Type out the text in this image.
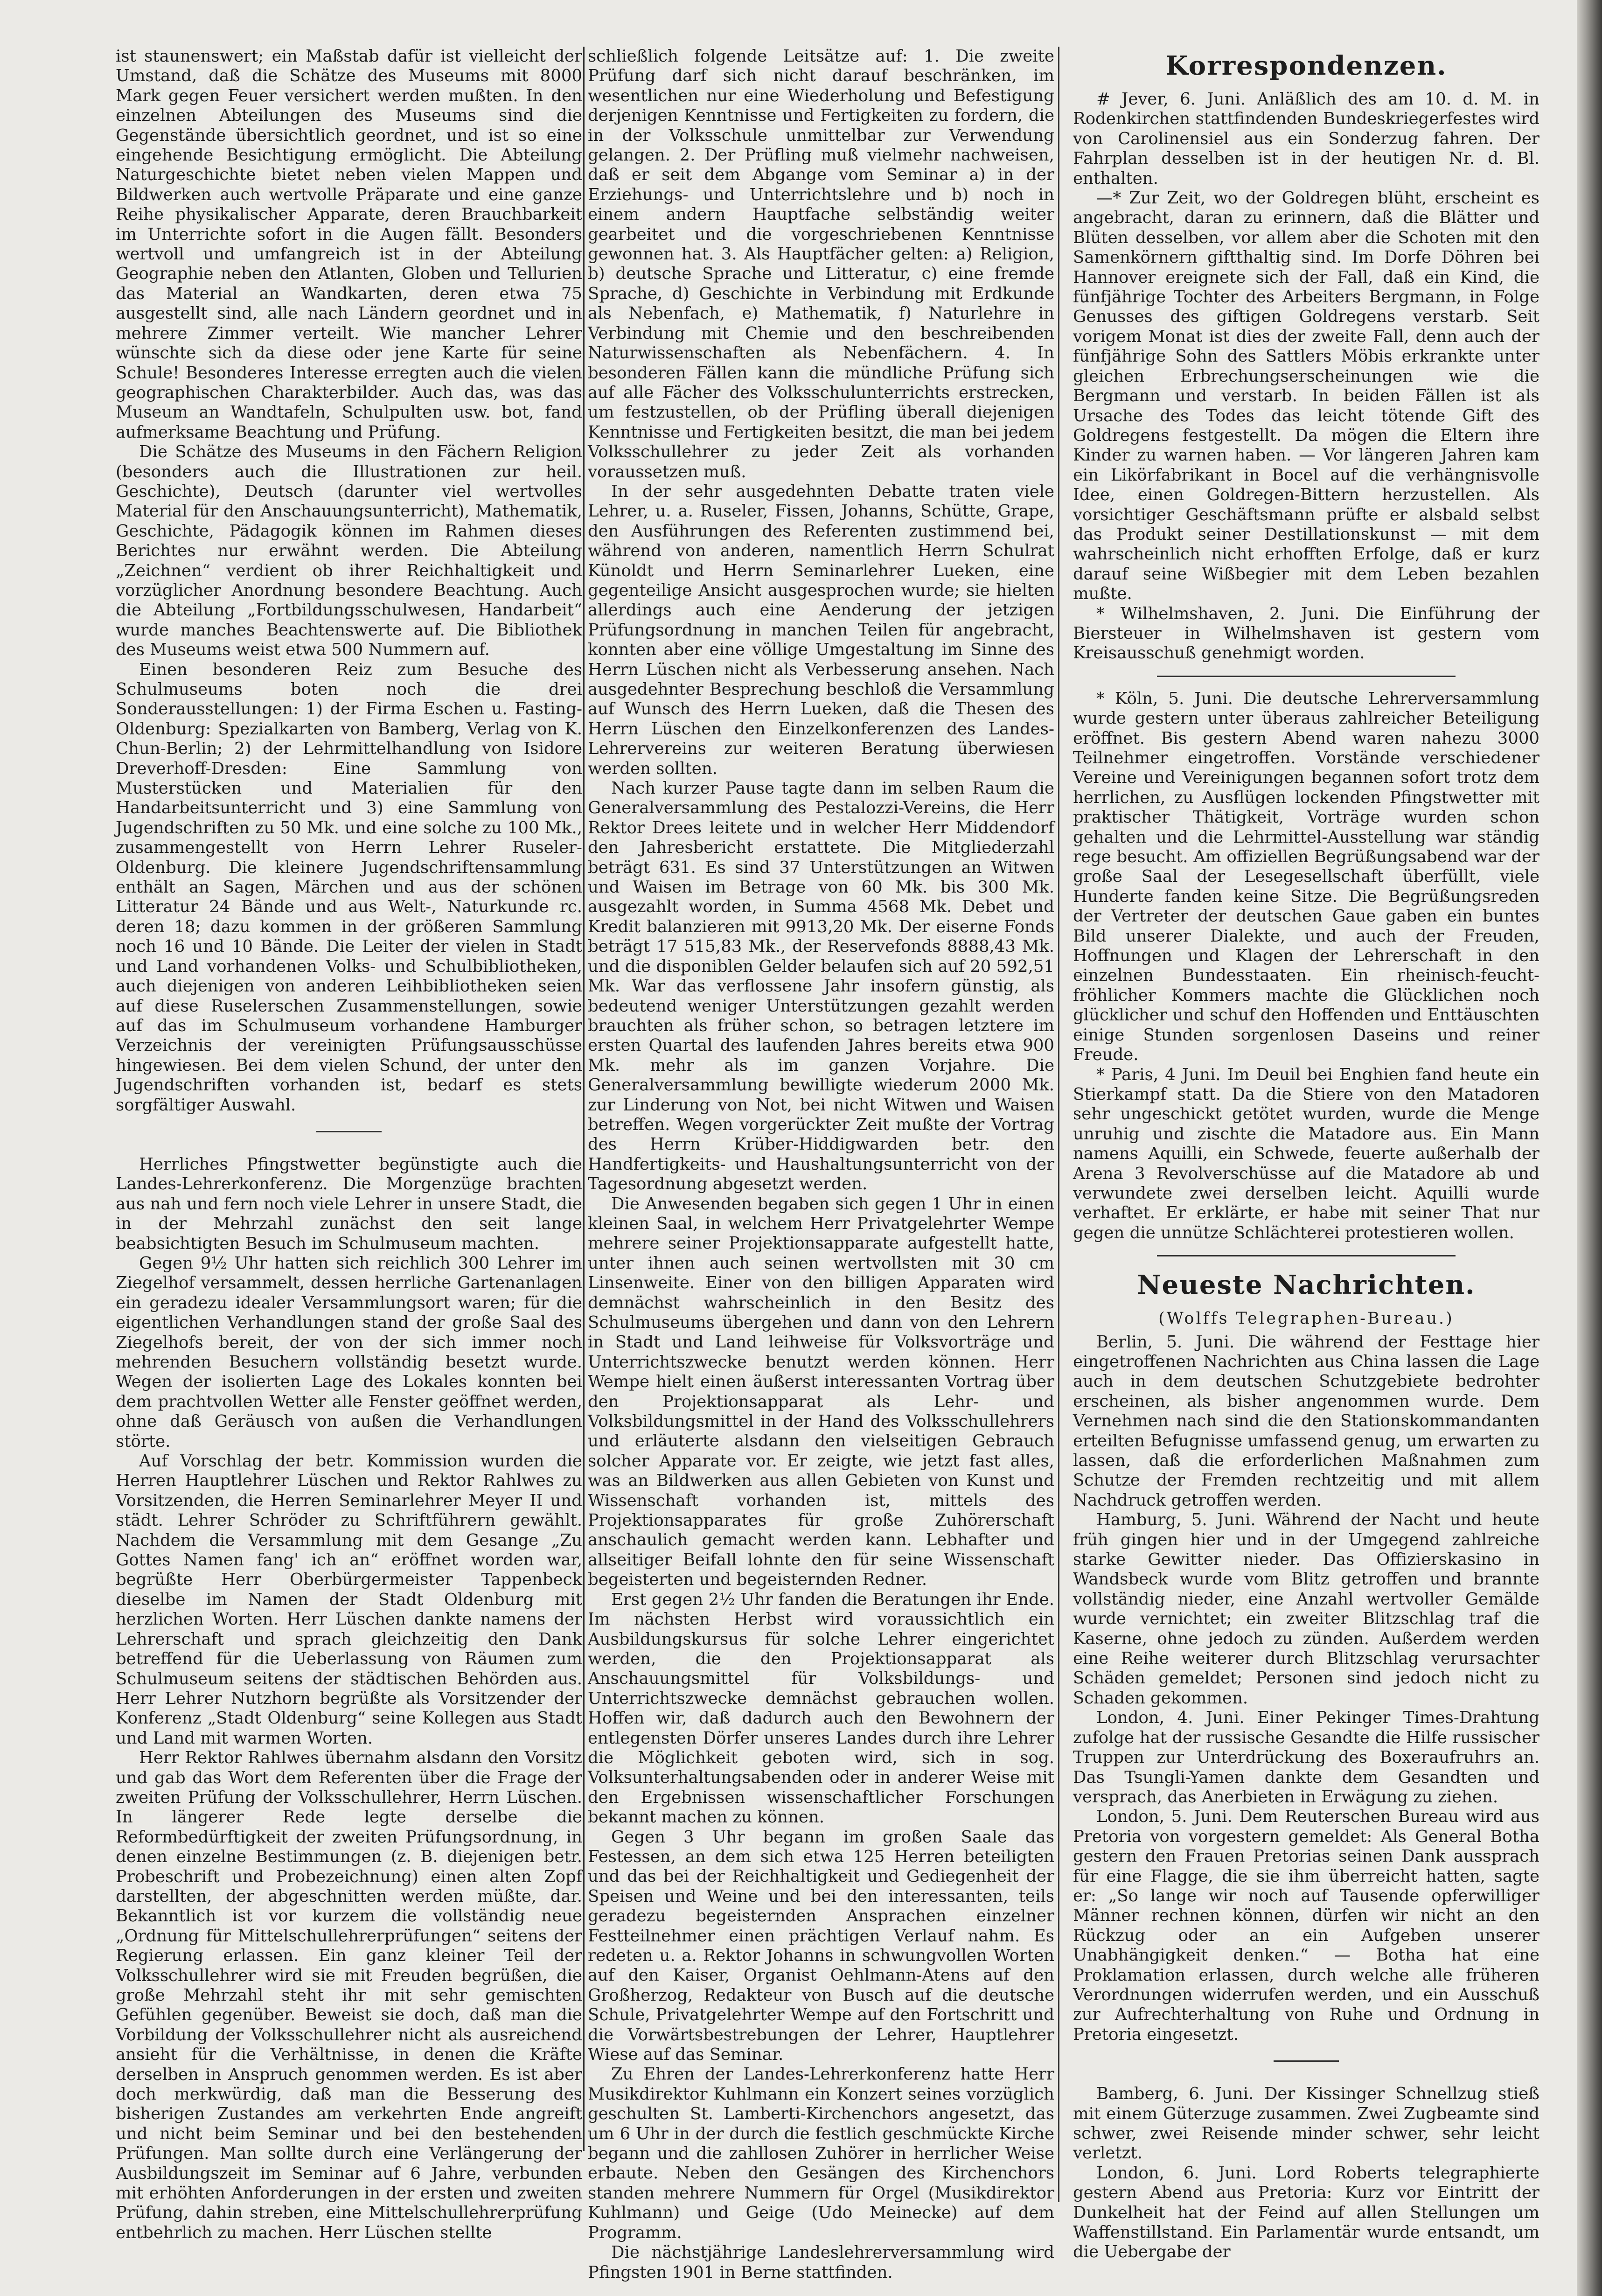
ist staunenswert; ein Maßstab dafür ist vielleicht der Umstand, daß die Schätze des Museums mit 8000 Mark gegen Feuer versichert werden mußten. In den einzelnen Abteilungen des Museums sind die Gegenstände übersichtlich geordnet, und ist so eine eingehende Besichtigung ermöglicht. Die Abteilung Naturgeschichte bietet neben vielen Mappen und Bildwerken auch wertvolle Präparate und eine ganze Reihe physikalischer Apparate, deren Brauchbarkeit im Unterrichte sofort in die Augen fällt. Besonders wertvoll und umfangreich ist in der Abteilung Geographie neben den Atlanten, Globen und Tellurien das Material an Wandkarten, deren etwa 75 ausgestellt sind, alle nach Ländern geordnet und in mehrere Zimmer verteilt. Wie mancher Lehrer wünschte sich da diese oder jene Karte für seine Schule! Besonderes Interesse erregten auch die vielen geographischen Charakterbilder. Auch das, was das Museum an Wandtafeln, Schulpulten usw. bot, fand aufmerksame Beachtung und Prüfung.

Die Schätze des Museums in den Fächern Religion (besonders auch die Illustrationen zur heil. Geschichte), Deutsch (darunter viel wertvolles Material für den Anschauungsunterricht), Mathematik, Geschichte, Pädagogik können im Rahmen dieses Berichtes nur erwähnt werden. Die Abteilung „Zeichnen“ verdient ob ihrer Reichhaltigkeit und vorzüglicher Anordnung besondere Beachtung. Auch die Abteilung „Fortbildungsschulwesen, Handarbeit“ wurde manches Beachtenswerte auf. Die Bibliothek des Museums weist etwa 500 Nummern auf.

Einen besonderen Reiz zum Besuche des Schulmuseums boten noch die drei Sonderausstellungen: 1) der Firma Eschen u. Fasting-Oldenburg: Spezialkarten von Bamberg, Verlag von K. Chun-Berlin; 2) der Lehrmittelhandlung von Isidore Dreverhoff-Dresden: Eine Sammlung von Musterstücken und Materialien für den Handarbeitsunterricht und 3) eine Sammlung von Jugendschriften zu 50 Mk. und eine solche zu 100 Mk., zusammengestellt von Herrn Lehrer Ruseler-Oldenburg. Die kleinere Jugendschriftensammlung enthält an Sagen, Märchen und aus der schönen Litteratur 24 Bände und aus Welt-, Naturkunde rc. deren 18; dazu kommen in der größeren Sammlung noch 16 und 10 Bände. Die Leiter der vielen in Stadt und Land vorhandenen Volks- und Schulbibliotheken, auch diejenigen von anderen Leihbibliotheken seien auf diese Ruselerschen Zusammenstellungen, sowie auf das im Schulmuseum vorhandene Hamburger Verzeichnis der vereinigten Prüfungsausschüsse hingewiesen. Bei dem vielen Schund, der unter den Jugendschriften vorhanden ist, bedarf es stets sorgfältiger Auswahl.

Herrliches Pfingstwetter begünstigte auch die Landes-Lehrerkonferenz. Die Morgenzüge brachten aus nah und fern noch viele Lehrer in unsere Stadt, die in der Mehrzahl zunächst den seit lange beabsichtigten Besuch im Schulmuseum machten.

Gegen 9½ Uhr hatten sich reichlich 300 Lehrer im Ziegelhof versammelt, dessen herrliche Gartenanlagen ein geradezu idealer Versammlungsort waren; für die eigentlichen Verhandlungen stand der große Saal des Ziegelhofs bereit, der von der sich immer noch mehrenden Besuchern vollständig besetzt wurde. Wegen der isolierten Lage des Lokales konnten bei dem prachtvollen Wetter alle Fenster geöffnet werden, ohne daß Geräusch von außen die Verhandlungen störte.

Auf Vorschlag der betr. Kommission wurden die Herren Hauptlehrer Lüschen und Rektor Rahlwes zu Vorsitzenden, die Herren Seminarlehrer Meyer II und städt. Lehrer Schröder zu Schriftführern gewählt. Nachdem die Versammlung mit dem Gesange „Zu Gottes Namen fang' ich an“ eröffnet worden war, begrüßte Herr Oberbürgermeister Tappenbeck dieselbe im Namen der Stadt Oldenburg mit herzlichen Worten. Herr Lüschen dankte namens der Lehrerschaft und sprach gleichzeitig den Dank betreffend für die Ueberlassung von Räumen zum Schulmuseum seitens der städtischen Behörden aus. Herr Lehrer Nutzhorn begrüßte als Vorsitzender der Konferenz „Stadt Oldenburg“ seine Kollegen aus Stadt und Land mit warmen Worten.

Herr Rektor Rahlwes übernahm alsdann den Vorsitz und gab das Wort dem Referenten über die Frage der zweiten Prüfung der Volksschullehrer, Herrn Lüschen. In längerer Rede legte derselbe die Reformbedürftigkeit der zweiten Prüfungsordnung, in denen einzelne Bestimmungen (z. B. diejenigen betr. Probeschrift und Probezeichnung) einen alten Zopf darstellten, der abgeschnitten werden müßte, dar. Bekanntlich ist vor kurzem die vollständig neue „Ordnung für Mittelschullehrerprüfungen“ seitens der Regierung erlassen. Ein ganz kleiner Teil der Volksschullehrer wird sie mit Freuden begrüßen, die große Mehrzahl steht ihr mit sehr gemischten Gefühlen gegenüber. Beweist sie doch, daß man die Vorbildung der Volksschullehrer nicht als ausreichend ansieht für die Verhältnisse, in denen die Kräfte derselben in Anspruch genommen werden. Es ist aber doch merkwürdig, daß man die Besserung des bisherigen Zustandes am verkehrten Ende angreift und nicht beim Seminar und bei den bestehenden Prüfungen. Man sollte durch eine Verlängerung der Ausbildungszeit im Seminar auf 6 Jahre, verbunden mit erhöhten Anforderungen in der ersten und zweiten Prüfung, dahin streben, eine Mittelschullehrerprüfung entbehrlich zu machen. Herr Lüschen stellte

schließlich folgende Leitsätze auf: 1. Die zweite Prüfung darf sich nicht darauf beschränken, im wesentlichen nur eine Wiederholung und Befestigung derjenigen Kenntnisse und Fertigkeiten zu fordern, die in der Volksschule unmittelbar zur Verwendung gelangen. 2. Der Prüfling muß vielmehr nachweisen, daß er seit dem Abgange vom Seminar a) in der Erziehungs- und Unterrichtslehre und b) noch in einem andern Hauptfache selbständig weiter gearbeitet und die vorgeschriebenen Kenntnisse gewonnen hat. 3. Als Hauptfächer gelten: a) Religion, b) deutsche Sprache und Litteratur, c) eine fremde Sprache, d) Geschichte in Verbindung mit Erdkunde als Nebenfach, e) Mathematik, f) Naturlehre in Verbindung mit Chemie und den beschreibenden Naturwissenschaften als Nebenfächern. 4. In besonderen Fällen kann die mündliche Prüfung sich auf alle Fächer des Volksschulunterrichts erstrecken, um festzustellen, ob der Prüfling überall diejenigen Kenntnisse und Fertigkeiten besitzt, die man bei jedem Volksschullehrer zu jeder Zeit als vorhanden voraussetzen muß.

In der sehr ausgedehnten Debatte traten viele Lehrer, u. a. Ruseler, Fissen, Johanns, Schütte, Grape, den Ausführungen des Referenten zustimmend bei, während von anderen, namentlich Herrn Schulrat Künoldt und Herrn Seminarlehrer Lueken, eine gegenteilige Ansicht ausgesprochen wurde; sie hielten allerdings auch eine Aenderung der jetzigen Prüfungsordnung in manchen Teilen für angebracht, konnten aber eine völlige Umgestaltung im Sinne des Herrn Lüschen nicht als Verbesserung ansehen. Nach ausgedehnter Besprechung beschloß die Versammlung auf Wunsch des Herrn Lueken, daß die Thesen des Herrn Lüschen den Einzelkonferenzen des Landes-Lehrervereins zur weiteren Beratung überwiesen werden sollten.

Nach kurzer Pause tagte dann im selben Raum die Generalversammlung des Pestalozzi-Vereins, die Herr Rektor Drees leitete und in welcher Herr Middendorf den Jahresbericht erstattete. Die Mitgliederzahl beträgt 631. Es sind 37 Unterstützungen an Witwen und Waisen im Betrage von 60 Mk. bis 300 Mk. ausgezahlt worden, in Summa 4568 Mk. Debet und Kredit balanzieren mit 9913,20 Mk. Der eiserne Fonds beträgt 17 515,83 Mk., der Reservefonds 8888,43 Mk. und die disponiblen Gelder belaufen sich auf 20 592,51 Mk. War das verflossene Jahr insofern günstig, als bedeutend weniger Unterstützungen gezahlt werden brauchten als früher schon, so betragen letztere im ersten Quartal des laufenden Jahres bereits etwa 900 Mk. mehr als im ganzen Vorjahre. Die Generalversammlung bewilligte wiederum 2000 Mk. zur Linderung von Not, bei nicht Witwen und Waisen betreffen. Wegen vorgerückter Zeit mußte der Vortrag des Herrn Krüber-Hiddigwarden betr. den Handfertigkeits- und Haushaltungsunterricht von der Tagesordnung abgesetzt werden.

Die Anwesenden begaben sich gegen 1 Uhr in einen kleinen Saal, in welchem Herr Privatgelehrter Wempe mehrere seiner Projektionsapparate aufgestellt hatte, unter ihnen auch seinen wertvollsten mit 30 cm Linsenweite. Einer von den billigen Apparaten wird demnächst wahrscheinlich in den Besitz des Schulmuseums übergehen und dann von den Lehrern in Stadt und Land leihweise für Volksvorträge und Unterrichtszwecke benutzt werden können. Herr Wempe hielt einen äußerst interessanten Vortrag über den Projektionsapparat als Lehr- und Volksbildungsmittel in der Hand des Volksschullehrers und erläuterte alsdann den vielseitigen Gebrauch solcher Apparate vor. Er zeigte, wie jetzt fast alles, was an Bildwerken aus allen Gebieten von Kunst und Wissenschaft vorhanden ist, mittels des Projektionsapparates für große Zuhörerschaft anschaulich gemacht werden kann. Lebhafter und allseitiger Beifall lohnte den für seine Wissenschaft begeisterten und begeisternden Redner.

Erst gegen 2½ Uhr fanden die Beratungen ihr Ende. Im nächsten Herbst wird voraussichtlich ein Ausbildungskursus für solche Lehrer eingerichtet werden, die den Projektionsapparat als Anschauungsmittel für Volksbildungs- und Unterrichtszwecke demnächst gebrauchen wollen. Hoffen wir, daß dadurch auch den Bewohnern der entlegensten Dörfer unseres Landes durch ihre Lehrer die Möglichkeit geboten wird, sich in sog. Volksunterhaltungsabenden oder in anderer Weise mit den Ergebnissen wissenschaftlicher Forschungen bekannt machen zu können.

Gegen 3 Uhr begann im großen Saale das Festessen, an dem sich etwa 125 Herren beteiligten und das bei der Reichhaltigkeit und Gediegenheit der Speisen und Weine und bei den interessanten, teils geradezu begeisternden Ansprachen einzelner Festteilnehmer einen prächtigen Verlauf nahm. Es redeten u. a. Rektor Johanns in schwungvollen Worten auf den Kaiser, Organist Oehlmann-Atens auf den Großherzog, Redakteur von Busch auf die deutsche Schule, Privatgelehrter Wempe auf den Fortschritt und die Vorwärtsbestrebungen der Lehrer, Hauptlehrer Wiese auf das Seminar.

Zu Ehren der Landes-Lehrerkonferenz hatte Herr Musikdirektor Kuhlmann ein Konzert seines vorzüglich geschulten St. Lamberti-Kirchenchors angesetzt, das um 6 Uhr in der durch die festlich geschmückte Kirche begann und die zahllosen Zuhörer in herrlicher Weise erbaute. Neben den Gesängen des Kirchenchors standen mehrere Nummern für Orgel (Musikdirektor Kuhlmann) und Geige (Udo Meinecke) auf dem Programm.

Die nächstjährige Landeslehrerversammlung wird Pfingsten 1901 in Berne stattfinden.

Korrespondenzen.

# Jever, 6. Juni. Anläßlich des am 10. d. M. in Rodenkirchen stattfindenden Bundeskriegerfestes wird von Carolinensiel aus ein Sonderzug fahren. Der Fahrplan desselben ist in der heutigen Nr. d. Bl. enthalten.

—* Zur Zeit, wo der Goldregen blüht, erscheint es angebracht, daran zu erinnern, daß die Blätter und Blüten desselben, vor allem aber die Schoten mit den Samenkörnern giftthaltig sind. Im Dorfe Döhren bei Hannover ereignete sich der Fall, daß ein Kind, die fünfjährige Tochter des Arbeiters Bergmann, in Folge Genusses des giftigen Goldregens verstarb. Seit vorigem Monat ist dies der zweite Fall, denn auch der fünfjährige Sohn des Sattlers Möbis erkrankte unter gleichen Erbrechungserscheinungen wie die Bergmann und verstarb. In beiden Fällen ist als Ursache des Todes das leicht tötende Gift des Goldregens festgestellt. Da mögen die Eltern ihre Kinder zu warnen haben. — Vor längeren Jahren kam ein Likörfabrikant in Bocel auf die verhängnisvolle Idee, einen Goldregen-Bittern herzustellen. Als vorsichtiger Geschäftsmann prüfte er alsbald selbst das Produkt seiner Destillationskunst — mit dem wahrscheinlich nicht erhofften Erfolge, daß er kurz darauf seine Wißbegier mit dem Leben bezahlen mußte.

* Wilhelmshaven, 2. Juni. Die Einführung der Biersteuer in Wilhelmshaven ist gestern vom Kreisausschuß genehmigt worden.

* Köln, 5. Juni. Die deutsche Lehrerversammlung wurde gestern unter überaus zahlreicher Beteiligung eröffnet. Bis gestern Abend waren nahezu 3000 Teilnehmer eingetroffen. Vorstände verschiedener Vereine und Vereinigungen begannen sofort trotz dem herrlichen, zu Ausflügen lockenden Pfingstwetter mit praktischer Thätigkeit, Vorträge wurden schon gehalten und die Lehrmittel-Ausstellung war ständig rege besucht. Am offiziellen Begrüßungsabend war der große Saal der Lesegesellschaft überfüllt, viele Hunderte fanden keine Sitze. Die Begrüßungsreden der Vertreter der deutschen Gaue gaben ein buntes Bild unserer Dialekte, und auch der Freuden, Hoffnungen und Klagen der Lehrerschaft in den einzelnen Bundesstaaten. Ein rheinisch-feucht-fröhlicher Kommers machte die Glücklichen noch glücklicher und schuf den Hoffenden und Enttäuschten einige Stunden sorgenlosen Daseins und reiner Freude.

* Paris, 4 Juni. Im Deuil bei Enghien fand heute ein Stierkampf statt. Da die Stiere von den Matadoren sehr ungeschickt getötet wurden, wurde die Menge unruhig und zischte die Matadore aus. Ein Mann namens Aquilli, ein Schwede, feuerte außerhalb der Arena 3 Revolverschüsse auf die Matadore ab und verwundete zwei derselben leicht. Aquilli wurde verhaftet. Er erklärte, er habe mit seiner That nur gegen die unnütze Schlächterei protestieren wollen.

Neueste Nachrichten.
(Wolffs Telegraphen-Bureau.)

Berlin, 5. Juni. Die während der Festtage hier eingetroffenen Nachrichten aus China lassen die Lage auch in dem deutschen Schutzgebiete bedrohter erscheinen, als bisher angenommen wurde. Dem Vernehmen nach sind die den Stationskommandanten erteilten Befugnisse umfassend genug, um erwarten zu lassen, daß die erforderlichen Maßnahmen zum Schutze der Fremden rechtzeitig und mit allem Nachdruck getroffen werden.

Hamburg, 5. Juni. Während der Nacht und heute früh gingen hier und in der Umgegend zahlreiche starke Gewitter nieder. Das Offizierskasino in Wandsbeck wurde vom Blitz getroffen und brannte vollständig nieder, eine Anzahl wertvoller Gemälde wurde vernichtet; ein zweiter Blitzschlag traf die Kaserne, ohne jedoch zu zünden. Außerdem werden eine Reihe weiterer durch Blitzschlag verursachter Schäden gemeldet; Personen sind jedoch nicht zu Schaden gekommen.

London, 4. Juni. Einer Pekinger Times-Drahtung zufolge hat der russische Gesandte die Hilfe russischer Truppen zur Unterdrückung des Boxeraufruhrs an. Das Tsungli-Yamen dankte dem Gesandten und versprach, das Anerbieten in Erwägung zu ziehen.

London, 5. Juni. Dem Reuterschen Bureau wird aus Pretoria von vorgestern gemeldet: Als General Botha gestern den Frauen Pretorias seinen Dank aussprach für eine Flagge, die sie ihm überreicht hatten, sagte er: „So lange wir noch auf Tausende opferwilliger Männer rechnen können, dürfen wir nicht an den Rückzug oder an ein Aufgeben unserer Unabhängigkeit denken.“ — Botha hat eine Proklamation erlassen, durch welche alle früheren Verordnungen widerrufen werden, und ein Ausschuß zur Aufrechterhaltung von Ruhe und Ordnung in Pretoria eingesetzt.

Bamberg, 6. Juni. Der Kissinger Schnellzug stieß mit einem Güterzuge zusammen. Zwei Zugbeamte sind schwer, zwei Reisende minder schwer, sehr leicht verletzt.

London, 6. Juni. Lord Roberts telegraphierte gestern Abend aus Pretoria: Kurz vor Eintritt der Dunkelheit hat der Feind auf allen Stellungen um Waffenstillstand. Ein Parlamentär wurde entsandt, um die Uebergabe der
